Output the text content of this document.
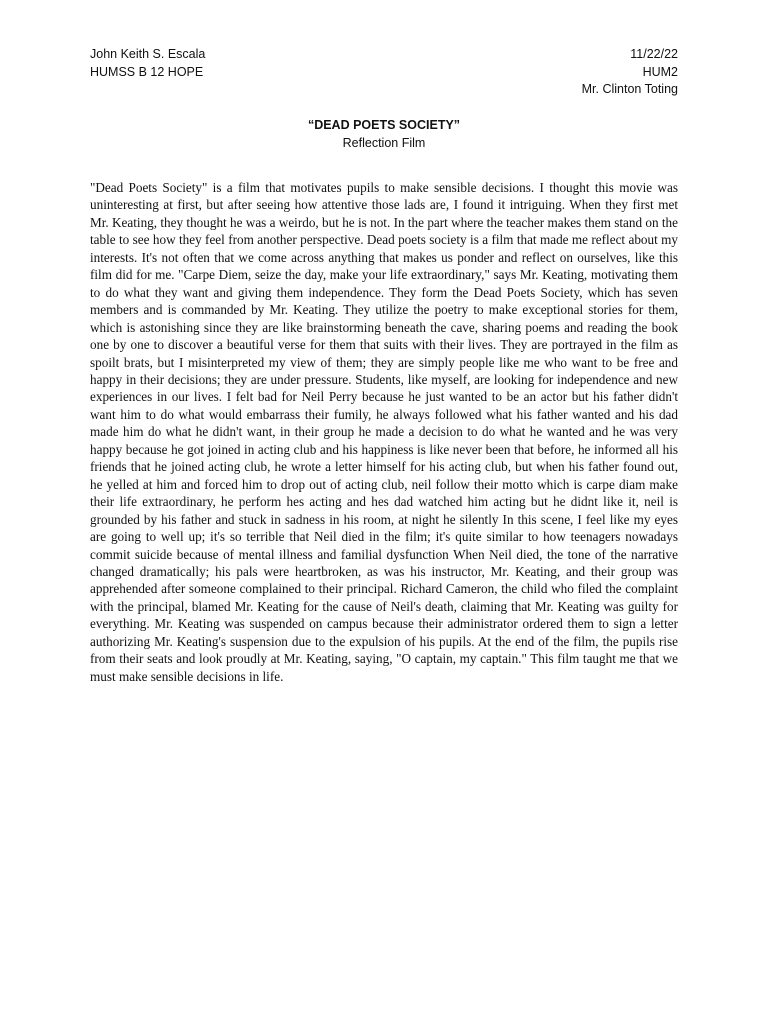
John Keith S. Escala
HUMSS B 12 HOPE
11/22/22
HUM2
Mr. Clinton Toting
“DEAD POETS SOCIETY”
Reflection Film

"Dead Poets Society" is a film that motivates pupils to make sensible decisions. I thought this movie was uninteresting at first, but after seeing how attentive those lads are, I found it intriguing. When they first met Mr. Keating, they thought he was a weirdo, but he is not. In the part where the teacher makes them stand on the table to see how they feel from another perspective. Dead poets society is a film that made me reflect about my interests. It's not often that we come across anything that makes us ponder and reflect on ourselves, like this film did for me. "Carpe Diem, seize the day, make your life extraordinary," says Mr. Keating, motivating them to do what they want and giving them independence. They form the Dead Poets Society, which has seven members and is commanded by Mr. Keating. They utilize the poetry to make exceptional stories for them, which is astonishing since they are like brainstorming beneath the cave, sharing poems and reading the book one by one to discover a beautiful verse for them that suits with their lives. They are portrayed in the film as spoilt brats, but I misinterpreted my view of them; they are simply people like me who want to be free and happy in their decisions; they are under pressure. Students, like myself, are looking for independence and new experiences in our lives. I felt bad for Neil Perry because he just wanted to be an actor but his father didn't want him to do what would embarrass their fumily, he always followed what his father wanted and his dad made him do what he didn't want, in their group he made a decision to do what he wanted and he was very happy because he got joined in acting club and his happiness is like never been that before, he informed all his friends that he joined acting club, he wrote a letter himself for his acting club, but when his father found out, he yelled at him and forced him to drop out of acting club, neil follow their motto which is carpe diam make their life extraordinary, he perform hes acting and hes dad watched him acting but he didnt like it, neil is grounded by his father and stuck in sadness in his room, at night he silently In this scene, I feel like my eyes are going to well up; it's so terrible that Neil died in the film; it's quite similar to how teenagers nowadays commit suicide because of mental illness and familial dysfunction When Neil died, the tone of the narrative changed dramatically; his pals were heartbroken, as was his instructor, Mr. Keating, and their group was apprehended after someone complained to their principal. Richard Cameron, the child who filed the complaint with the principal, blamed Mr. Keating for the cause of Neil's death, claiming that Mr. Keating was guilty for everything. Mr. Keating was suspended on campus because their administrator ordered them to sign a letter authorizing Mr. Keating's suspension due to the expulsion of his pupils. At the end of the film, the pupils rise from their seats and look proudly at Mr. Keating, saying, "O captain, my captain." This film taught me that we must make sensible decisions in life.
